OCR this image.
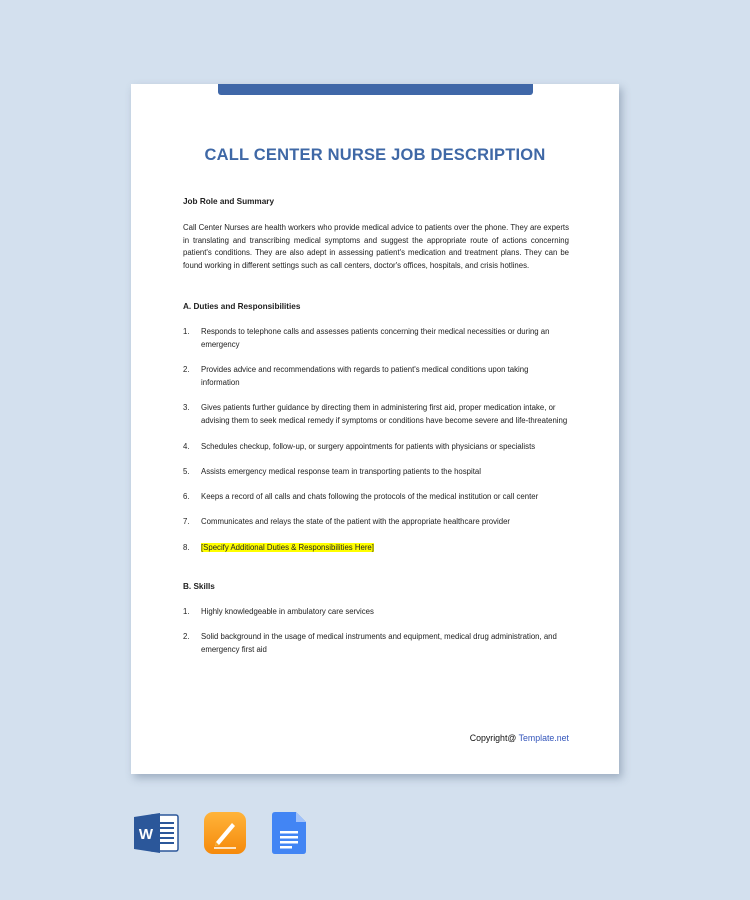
CALL CENTER NURSE JOB DESCRIPTION

Job Role and Summary

Call Center Nurses are health workers who provide medical advice to patients over the phone. They are experts in translating and transcribing medical symptoms and suggest the appropriate route of actions concerning patient's conditions. They are also adept in assessing patient's medication and treatment plans. They can be found working in different settings such as call centers, doctor's offices, hospitals, and crisis hotlines.

A. Duties and Responsibilities

1.	Responds to telephone calls and assesses patients concerning their medical necessities or during an emergency
2.	Provides advice and recommendations with regards to patient's medical conditions upon taking information
3.	Gives patients further guidance by directing them in administering first aid, proper medication intake, or advising them to seek medical remedy if symptoms or conditions have become severe and life-threatening
4.	Schedules checkup, follow-up, or surgery appointments for patients with physicians or specialists
5.	Assists emergency medical response team in transporting patients to the hospital
6.	Keeps a record of all calls and chats following the protocols of the medical institution or call center
7.	Communicates and relays the state of the patient with the appropriate healthcare provider
8.	[Specify Additional Duties & Responsibilities Here]

B. Skills

1.	Highly knowledgeable in ambulatory care services
2.	Solid background in the usage of medical instruments and equipment, medical drug administration, and emergency first aid
Copyright@ Template.net
W
